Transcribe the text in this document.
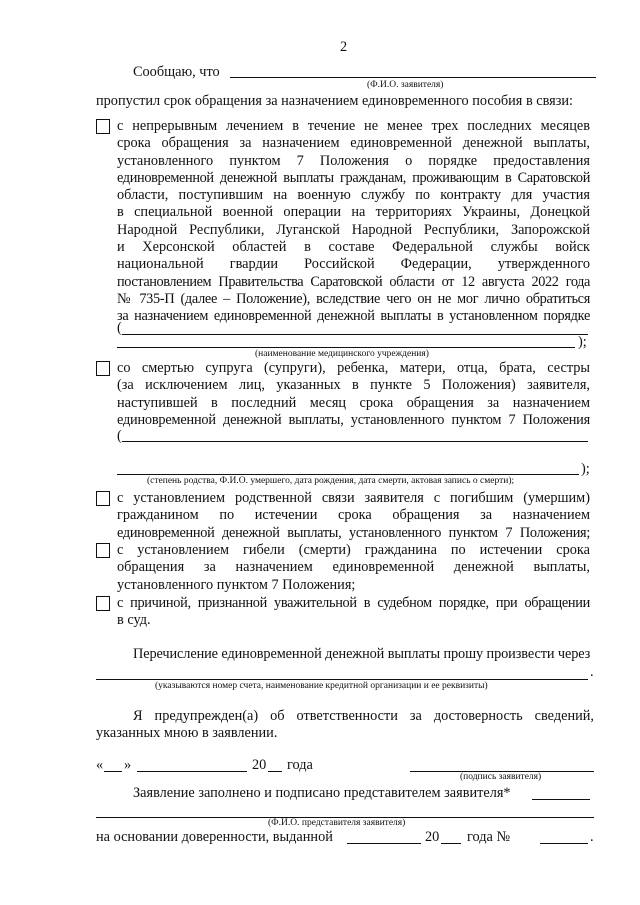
2
Сообщаю, что
(Ф.И.О. заявителя)
пропустил срок обращения за назначением единовременного пособия в связи:
с непрерывным лечением в течение не менее трех последних месяцев
срока обращения за назначением единовременной денежной выплаты,
установленного пунктом 7 Положения о порядке предоставления
единовременной денежной выплаты гражданам, проживающим в Саратовской
области, поступившим на военную службу по контракту для участия
в специальной военной операции на территориях Украины, Донецкой
Народной Республики, Луганской Народной Республики, Запорожской
и Херсонской областей в составе Федеральной службы войск
национальной гвардии Российской Федерации, утвержденного
постановлением Правительства Саратовской области от 12 августа 2022 года
№ 735-П (далее – Положение), вследствие чего он не мог лично обратиться
за назначением единовременной денежной выплаты в установленном порядке
(
);
(наименование медицинского учреждения)
со смертью супруга (супруги), ребенка, матери, отца, брата, сестры
(за исключением лиц, указанных в пункте 5 Положения) заявителя,
наступившей в последний месяц срока обращения за назначением
единовременной денежной выплаты, установленного пунктом 7 Положения
(
);
(степень родства, Ф.И.О. умершего, дата рождения, дата смерти, актовая запись о смерти);
с установлением родственной связи заявителя с погибшим (умершим)
гражданином по истечении срока обращения за назначением
единовременной денежной выплаты, установленного пунктом 7 Положения;
с установлением гибели (смерти) гражданина по истечении срока
обращения за назначением единовременной денежной выплаты,
установленного пунктом 7 Положения;
с причиной, признанной уважительной в судебном порядке, при обращении
в суд.
Перечисление единовременной денежной выплаты прошу произвести через
.
(указываются номер счета, наименование кредитной организации и ее реквизиты)
Я предупрежден(а) об ответственности за достоверность сведений,
указанных мною в заявлении.
« »	20 года
(подпись заявителя)
Заявление заполнено и подписано представителем заявителя*
(Ф.И.О. представителя заявителя)
на основании доверенности, выданной	20 года №	.
